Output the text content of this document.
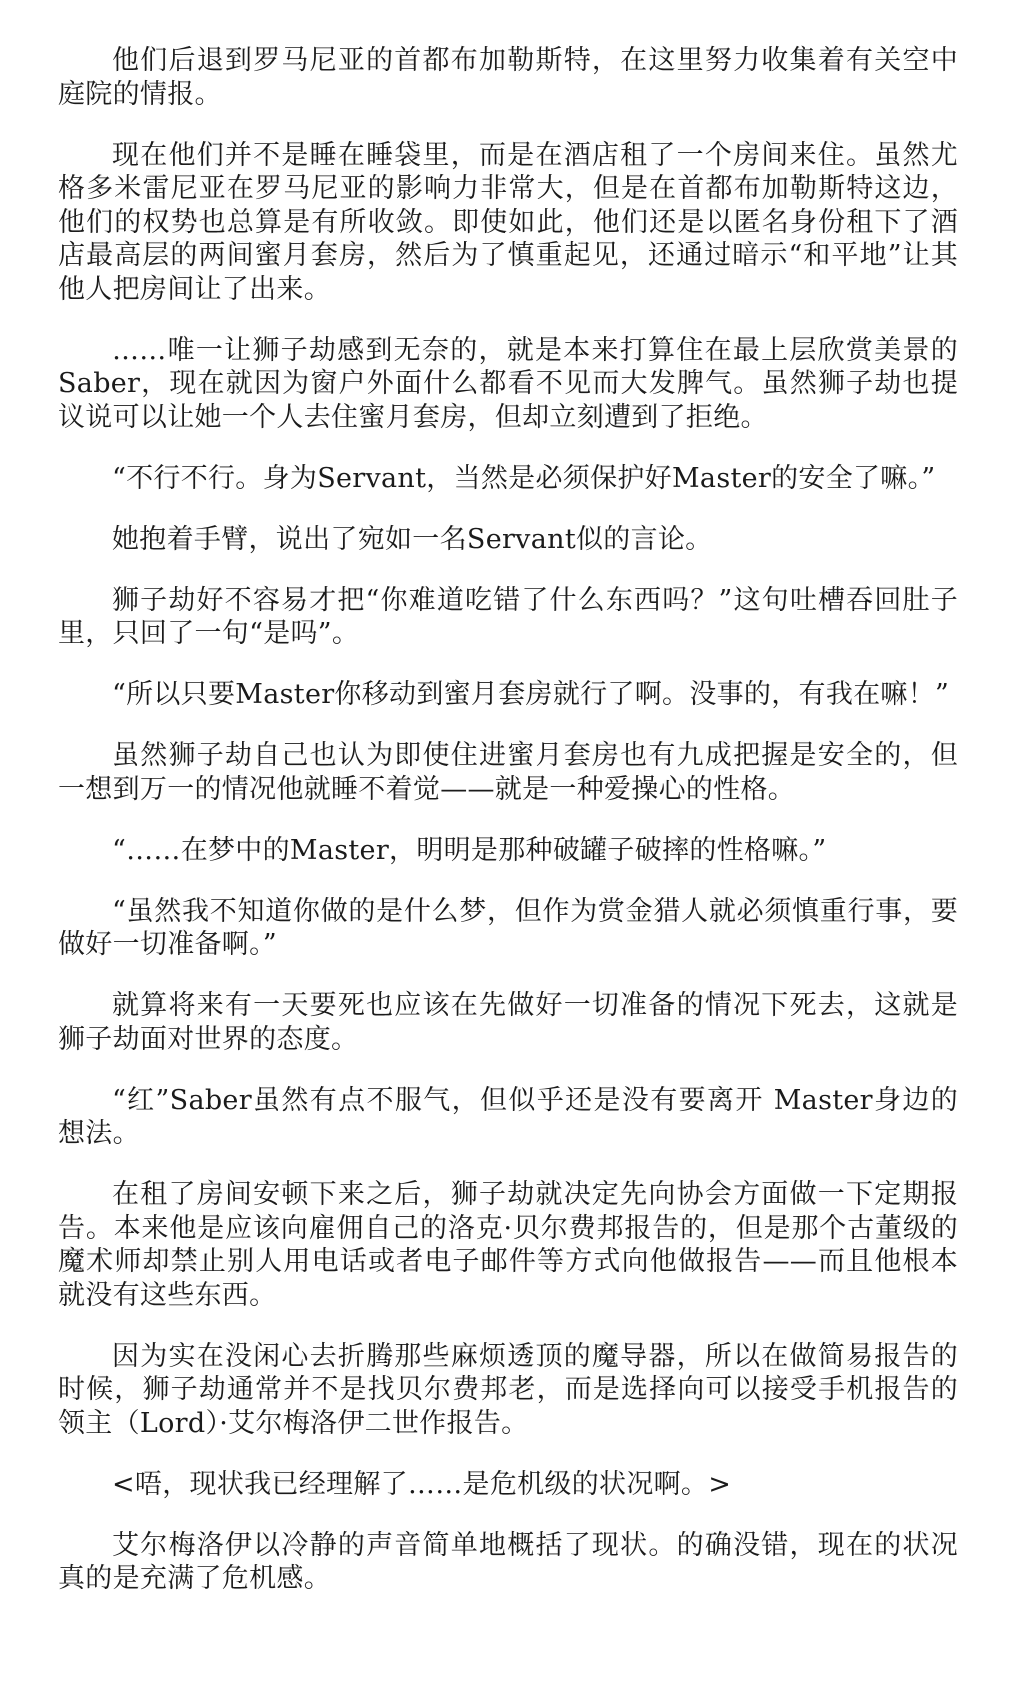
他们后退到罗马尼亚的首都布加勒斯特，在这里努力收集着有关空中庭院的情报。

现在他们并不是睡在睡袋里，而是在酒店租了一个房间来住。虽然尤格多米雷尼亚在罗马尼亚的影响力非常大，但是在首都布加勒斯特这边，他们的权势也总算是有所收敛。即使如此，他们还是以匿名身份租下了酒店最高层的两间蜜月套房，然后为了慎重起见，还通过暗示“和平地”让其他人把房间让了出来。

……唯一让狮子劫感到无奈的，就是本来打算住在最上层欣赏美景的Saber，现在就因为窗户外面什么都看不见而大发脾气。虽然狮子劫也提议说可以让她一个人去住蜜月套房，但却立刻遭到了拒绝。

“不行不行。身为Servant，当然是必须保护好Master的安全了嘛。”

她抱着手臂，说出了宛如一名Servant似的言论。

狮子劫好不容易才把“你难道吃错了什么东西吗？”这句吐槽吞回肚子里，只回了一句“是吗”。

“所以只要Master你移动到蜜月套房就行了啊。没事的，有我在嘛！”

虽然狮子劫自己也认为即使住进蜜月套房也有九成把握是安全的，但一想到万一的情况他就睡不着觉——就是一种爱操心的性格。

“……在梦中的Master，明明是那种破罐子破摔的性格嘛。”

“虽然我不知道你做的是什么梦，但作为赏金猎人就必须慎重行事，要做好一切准备啊。”

就算将来有一天要死也应该在先做好一切准备的情况下死去，这就是狮子劫面对世界的态度。

“红”Saber虽然有点不服气，但似乎还是没有要离开 Master身边的想法。

在租了房间安顿下来之后，狮子劫就决定先向协会方面做一下定期报告。本来他是应该向雇佣自己的洛克·贝尔费邦报告的，但是那个古董级的魔术师却禁止别人用电话或者电子邮件等方式向他做报告——而且他根本就没有这些东西。

因为实在没闲心去折腾那些麻烦透顶的魔导器，所以在做简易报告的时候，狮子劫通常并不是找贝尔费邦老，而是选择向可以接受手机报告的领主（Lord）·艾尔梅洛伊二世作报告。

<唔，现状我已经理解了……是危机级的状况啊。>

艾尔梅洛伊以冷静的声音简单地概括了现状。的确没错，现在的状况真的是充满了危机感。
